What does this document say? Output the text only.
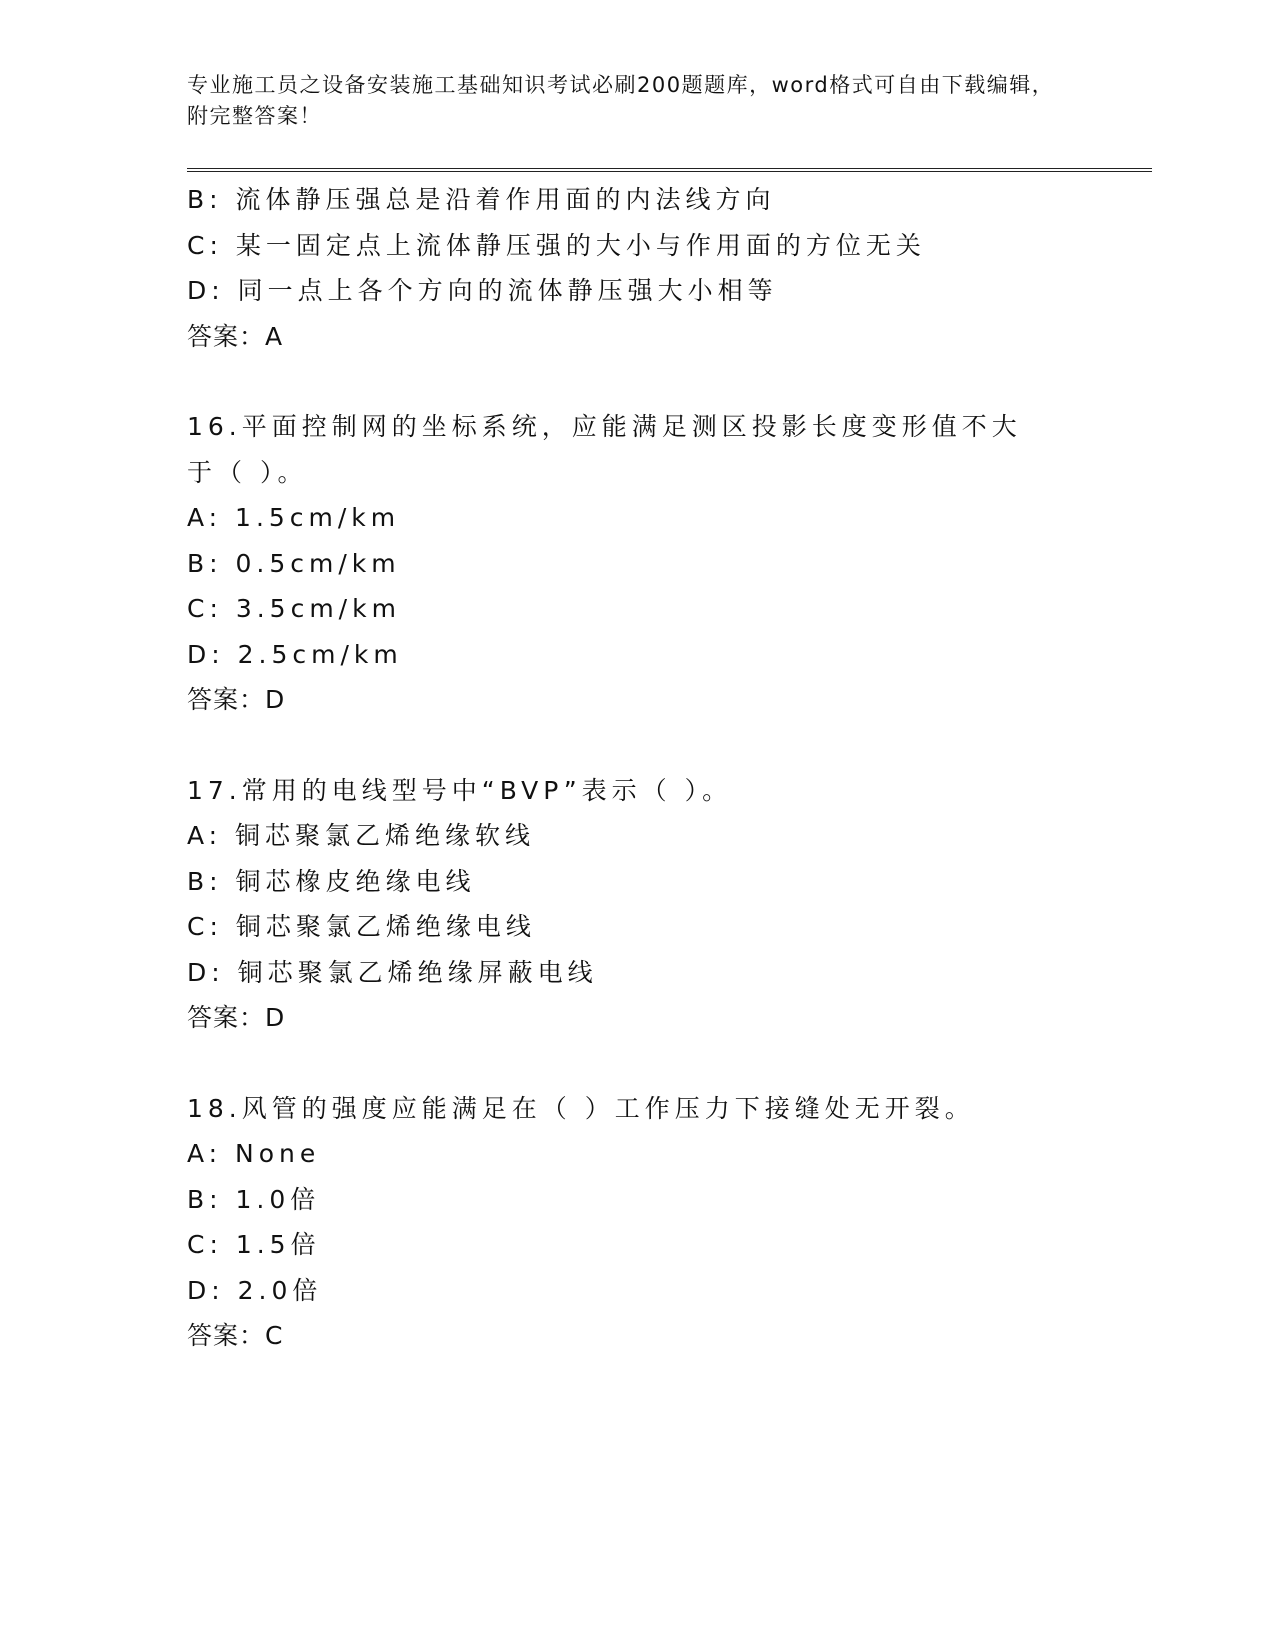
专业施工员之设备安装施工基础知识考试必刷200题题库，word格式可自由下载编辑，附完整答案！
B: 流体静压强总是沿着作用面的内法线方向
C: 某一固定点上流体静压强的大小与作用面的方位无关
D: 同一点上各个方向的流体静压强大小相等
答案：A
16.平面控制网的坐标系统，应能满足测区投影长度变形值不大于（ ）。
A: 1.5cm/km
B: 0.5cm/km
C: 3.5cm/km
D: 2.5cm/km
答案：D
17.常用的电线型号中“BVP”表示（ ）。
A: 铜芯聚氯乙烯绝缘软线
B: 铜芯橡皮绝缘电线
C: 铜芯聚氯乙烯绝缘电线
D: 铜芯聚氯乙烯绝缘屏蔽电线
答案：D
18.风管的强度应能满足在（ ）工作压力下接缝处无开裂。
A: None
B: 1.0倍
C: 1.5倍
D: 2.0倍
答案：C
